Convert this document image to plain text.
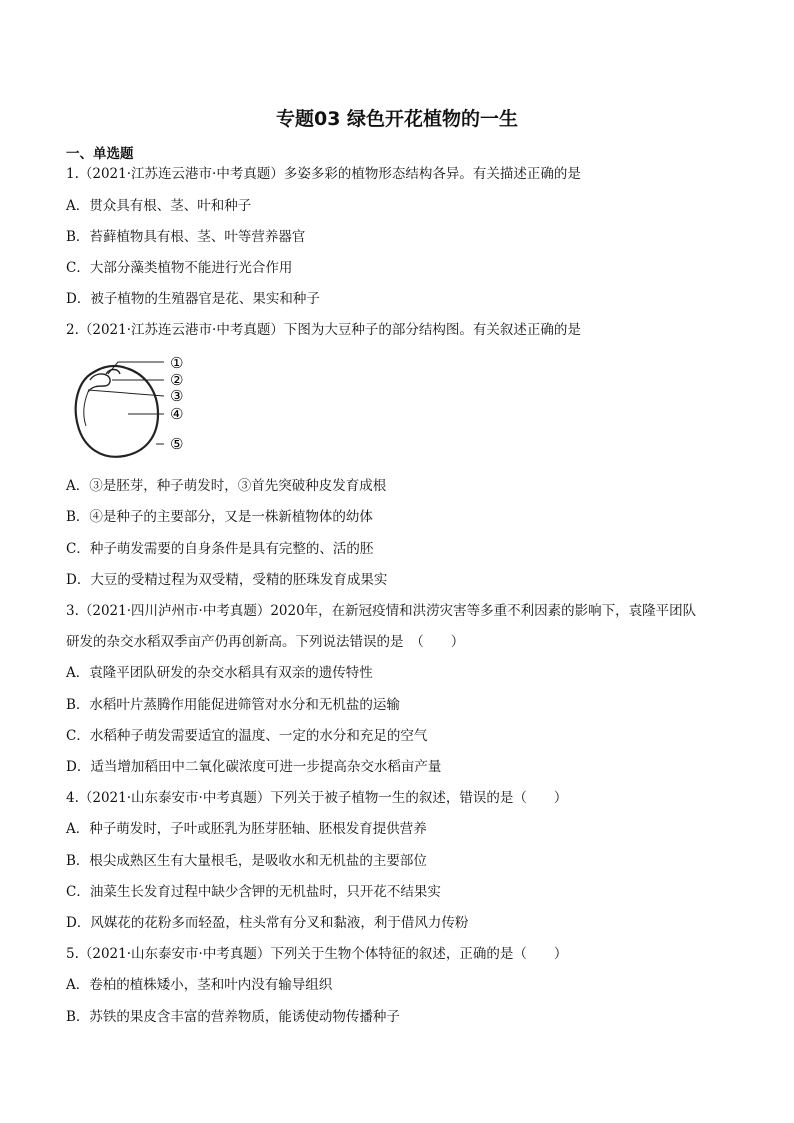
专题03 绿色开花植物的一生
一、单选题
1.（2021·江苏连云港市·中考真题）多姿多彩的植物形态结构各异。有关描述正确的是
A．贯众具有根、茎、叶和种子
B．苔藓植物具有根、茎、叶等营养器官
C．大部分藻类植物不能进行光合作用
D．被子植物的生殖器官是花、果实和种子
2.（2021·江苏连云港市·中考真题）下图为大豆种子的部分结构图。有关叙述正确的是
①
②
③
④
⑤
A．③是胚芽，种子萌发时，③首先突破种皮发育成根
B．④是种子的主要部分，又是一株新植物体的幼体
C．种子萌发需要的自身条件是具有完整的、活的胚
D．大豆的受精过程为双受精，受精的胚珠发育成果实
3.（2021·四川泸州市·中考真题）2020年，在新冠疫情和洪涝灾害等多重不利因素的影响下，袁隆平团队
研发的杂交水稻双季亩产仍再创新高。下列说法错误的是　（　　）
A．袁隆平团队研发的杂交水稻具有双亲的遗传特性
B．水稻叶片蒸腾作用能促进筛管对水分和无机盐的运输
C．水稻种子萌发需要适宜的温度、一定的水分和充足的空气
D．适当增加稻田中二氧化碳浓度可进一步提高杂交水稻亩产量
4.（2021·山东泰安市·中考真题）下列关于被子植物一生的叙述，错误的是（　　）
A．种子萌发时，子叶或胚乳为胚芽胚轴、胚根发育提供营养
B．根尖成熟区生有大量根毛，是吸收水和无机盐的主要部位
C．油菜生长发育过程中缺少含钾的无机盐时，只开花不结果实
D．风媒花的花粉多而轻盈，柱头常有分叉和黏液，利于借风力传粉
5.（2021·山东泰安市·中考真题）下列关于生物个体特征的叙述，正确的是（　　）
A．卷柏的植株矮小，茎和叶内没有输导组织
B．苏铁的果皮含丰富的营养物质，能诱使动物传播种子
